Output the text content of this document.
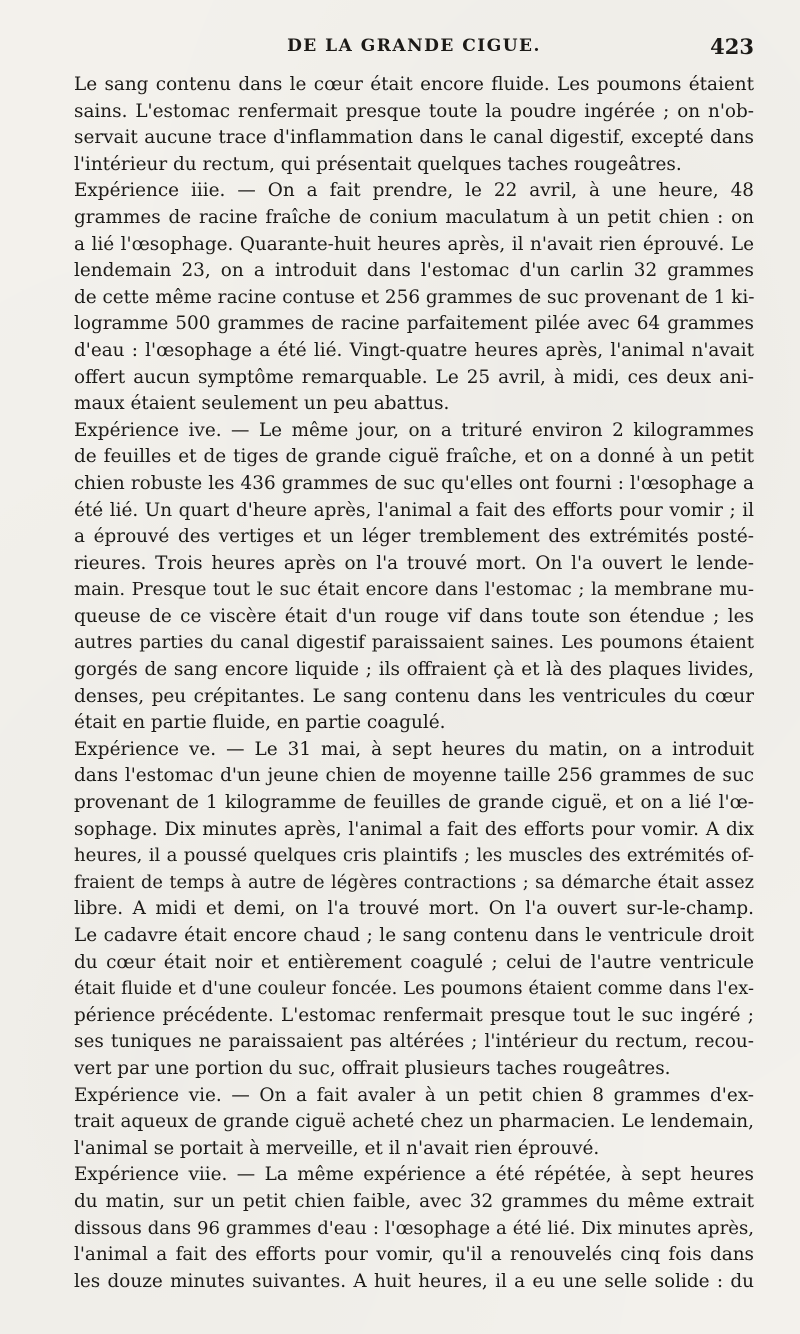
DE LA GRANDE CIGUE.	423
Le sang contenu dans le cœur était encore fluide. Les poumons étaient
sains. L'estomac renfermait presque toute la poudre ingérée ; on n'ob-
servait aucune trace d'inflammation dans le canal digestif, excepté dans
l'intérieur du rectum, qui présentait quelques taches rougeâtres.
Expérience iiie. — On a fait prendre, le 22 avril, à une heure, 48
grammes de racine fraîche de conium maculatum à un petit chien : on
a lié l'œsophage. Quarante-huit heures après, il n'avait rien éprouvé. Le
lendemain 23, on a introduit dans l'estomac d'un carlin 32 grammes
de cette même racine contuse et 256 grammes de suc provenant de 1 ki-
logramme 500 grammes de racine parfaitement pilée avec 64 grammes
d'eau : l'œsophage a été lié. Vingt-quatre heures après, l'animal n'avait
offert aucun symptôme remarquable. Le 25 avril, à midi, ces deux ani-
maux étaient seulement un peu abattus.
Expérience ive. — Le même jour, on a trituré environ 2 kilogrammes
de feuilles et de tiges de grande ciguë fraîche, et on a donné à un petit
chien robuste les 436 grammes de suc qu'elles ont fourni : l'œsophage a
été lié. Un quart d'heure après, l'animal a fait des efforts pour vomir ; il
a éprouvé des vertiges et un léger tremblement des extrémités posté-
rieures. Trois heures après on l'a trouvé mort. On l'a ouvert le lende-
main. Presque tout le suc était encore dans l'estomac ; la membrane mu-
queuse de ce viscère était d'un rouge vif dans toute son étendue ; les
autres parties du canal digestif paraissaient saines. Les poumons étaient
gorgés de sang encore liquide ; ils offraient çà et là des plaques livides,
denses, peu crépitantes. Le sang contenu dans les ventricules du cœur
était en partie fluide, en partie coagulé.
Expérience ve. — Le 31 mai, à sept heures du matin, on a introduit
dans l'estomac d'un jeune chien de moyenne taille 256 grammes de suc
provenant de 1 kilogramme de feuilles de grande ciguë, et on a lié l'œ-
sophage. Dix minutes après, l'animal a fait des efforts pour vomir. A dix
heures, il a poussé quelques cris plaintifs ; les muscles des extrémités of-
fraient de temps à autre de légères contractions ; sa démarche était assez
libre. A midi et demi, on l'a trouvé mort. On l'a ouvert sur-le-champ.
Le cadavre était encore chaud ; le sang contenu dans le ventricule droit
du cœur était noir et entièrement coagulé ; celui de l'autre ventricule
était fluide et d'une couleur foncée. Les poumons étaient comme dans l'ex-
périence précédente. L'estomac renfermait presque tout le suc ingéré ;
ses tuniques ne paraissaient pas altérées ; l'intérieur du rectum, recou-
vert par une portion du suc, offrait plusieurs taches rougeâtres.
Expérience vie. — On a fait avaler à un petit chien 8 grammes d'ex-
trait aqueux de grande ciguë acheté chez un pharmacien. Le lendemain,
l'animal se portait à merveille, et il n'avait rien éprouvé.
Expérience viie. — La même expérience a été répétée, à sept heures
du matin, sur un petit chien faible, avec 32 grammes du même extrait
dissous dans 96 grammes d'eau : l'œsophage a été lié. Dix minutes après,
l'animal a fait des efforts pour vomir, qu'il a renouvelés cinq fois dans
les douze minutes suivantes. A huit heures, il a eu une selle solide : du
